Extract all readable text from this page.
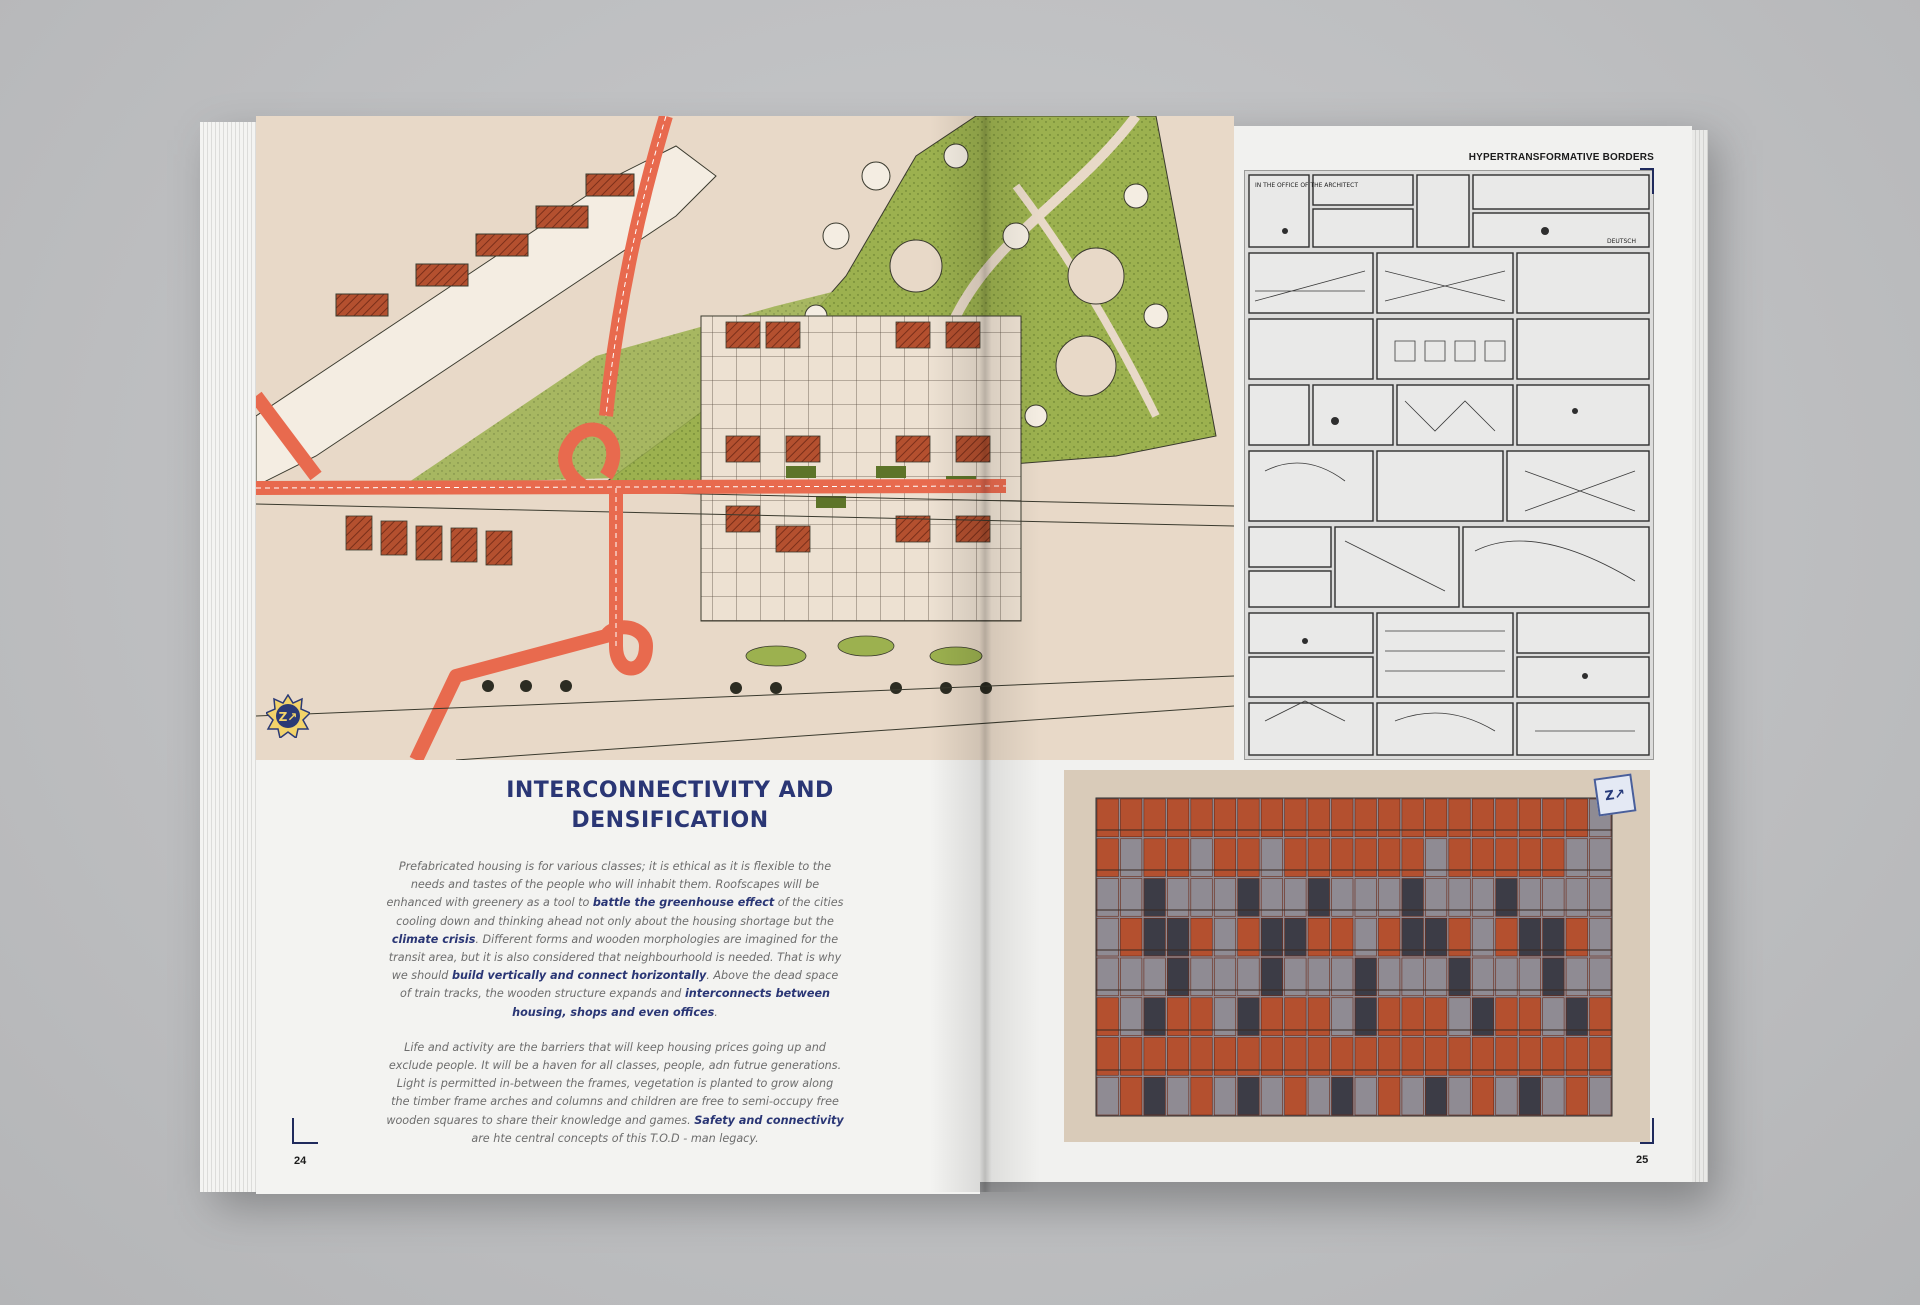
Z↗
IN THE OFFICE OF THE ARCHITECT
DEUTSCH
Z↗
HYPERTRANSFORMATIVE BORDERS
24	25
INTERCONNECTIVITY AND
DENSIFICATION

Prefabricated housing is for various classes; it is ethical as it is flexible to the needs and tastes of the people who will inhabit them. Roofscapes will be enhanced with greenery as a tool to battle the greenhouse effect of the cities cooling down and thinking ahead not only about the housing shortage but the climate crisis. Different forms and wooden morphologies are imagined for the transit area, but it is also considered that neighbourhoold is needed. That is why we should build vertically and connect horizontally. Above the dead space of train tracks, the wooden structure expands and interconnects between housing, shops and even offices.

Life and activity are the barriers that will keep housing prices going up and exclude people. It will be a haven for all classes, people, adn futrue generations. Light is permitted in-between the frames, vegetation is planted to grow along the timber frame arches and columns and children are free to semi-occupy free wooden squares to share their knowledge and games. Safety and connectivity are hte central concepts of this T.O.D - man legacy.
